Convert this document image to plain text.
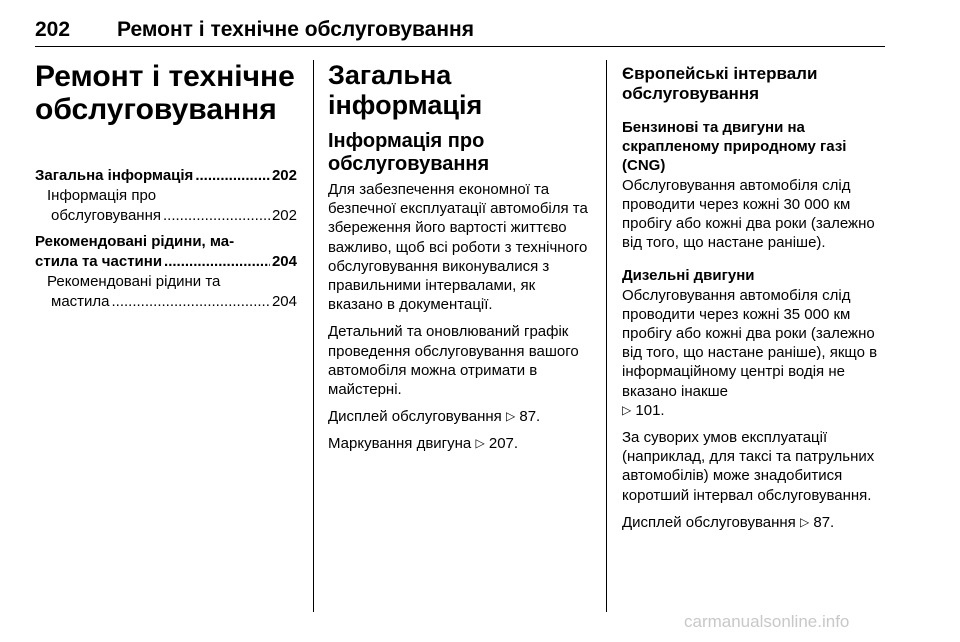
202 Ремонт і технічне обслуговування
Ремонт і технічне
обслуговування
Загальна інформація .....	202
Інформація про
обслуговування .....	202
Рекомендовані рідини, ма-
стила та частини .....	204
Рекомендовані рідини та
мастила .....	204
Загальна інформація
Інформація про
обслуговування

Для забезпечення економної та безпечної експлуатації автомобіля та збереження його вартості життєво важливо, щоб всі роботи з технічного обслуговування виконувалися з правильними інтервалами, як вказано в документації.

Детальний та оновлюваний графік проведення обслуговування вашого автомобіля можна отримати в майстерні.

Дисплей обслуговування ▷ 87.

Маркування двигуна ▷ 207.

Європейські інтервали
обслуговування
Бензинові та двигуни на
скрапленому природному газі
(CNG)

Обслуговування автомобіля слід проводити через кожні 30 000 км пробігу або кожні два роки (залежно від того, що настане раніше).

Дизельні двигуни

Обслуговування автомобіля слід проводити через кожні 35 000 км пробігу або кожні два роки (залежно від того, що настане раніше), якщо в інформаційному центрі водія не вказано інакше
▷ 101.

За суворих умов експлуатації (наприклад, для таксі та патрульних автомобілів) може знадобитися коротший інтервал обслуговування.

Дисплей обслуговування ▷ 87.

carmanualsonline.info
